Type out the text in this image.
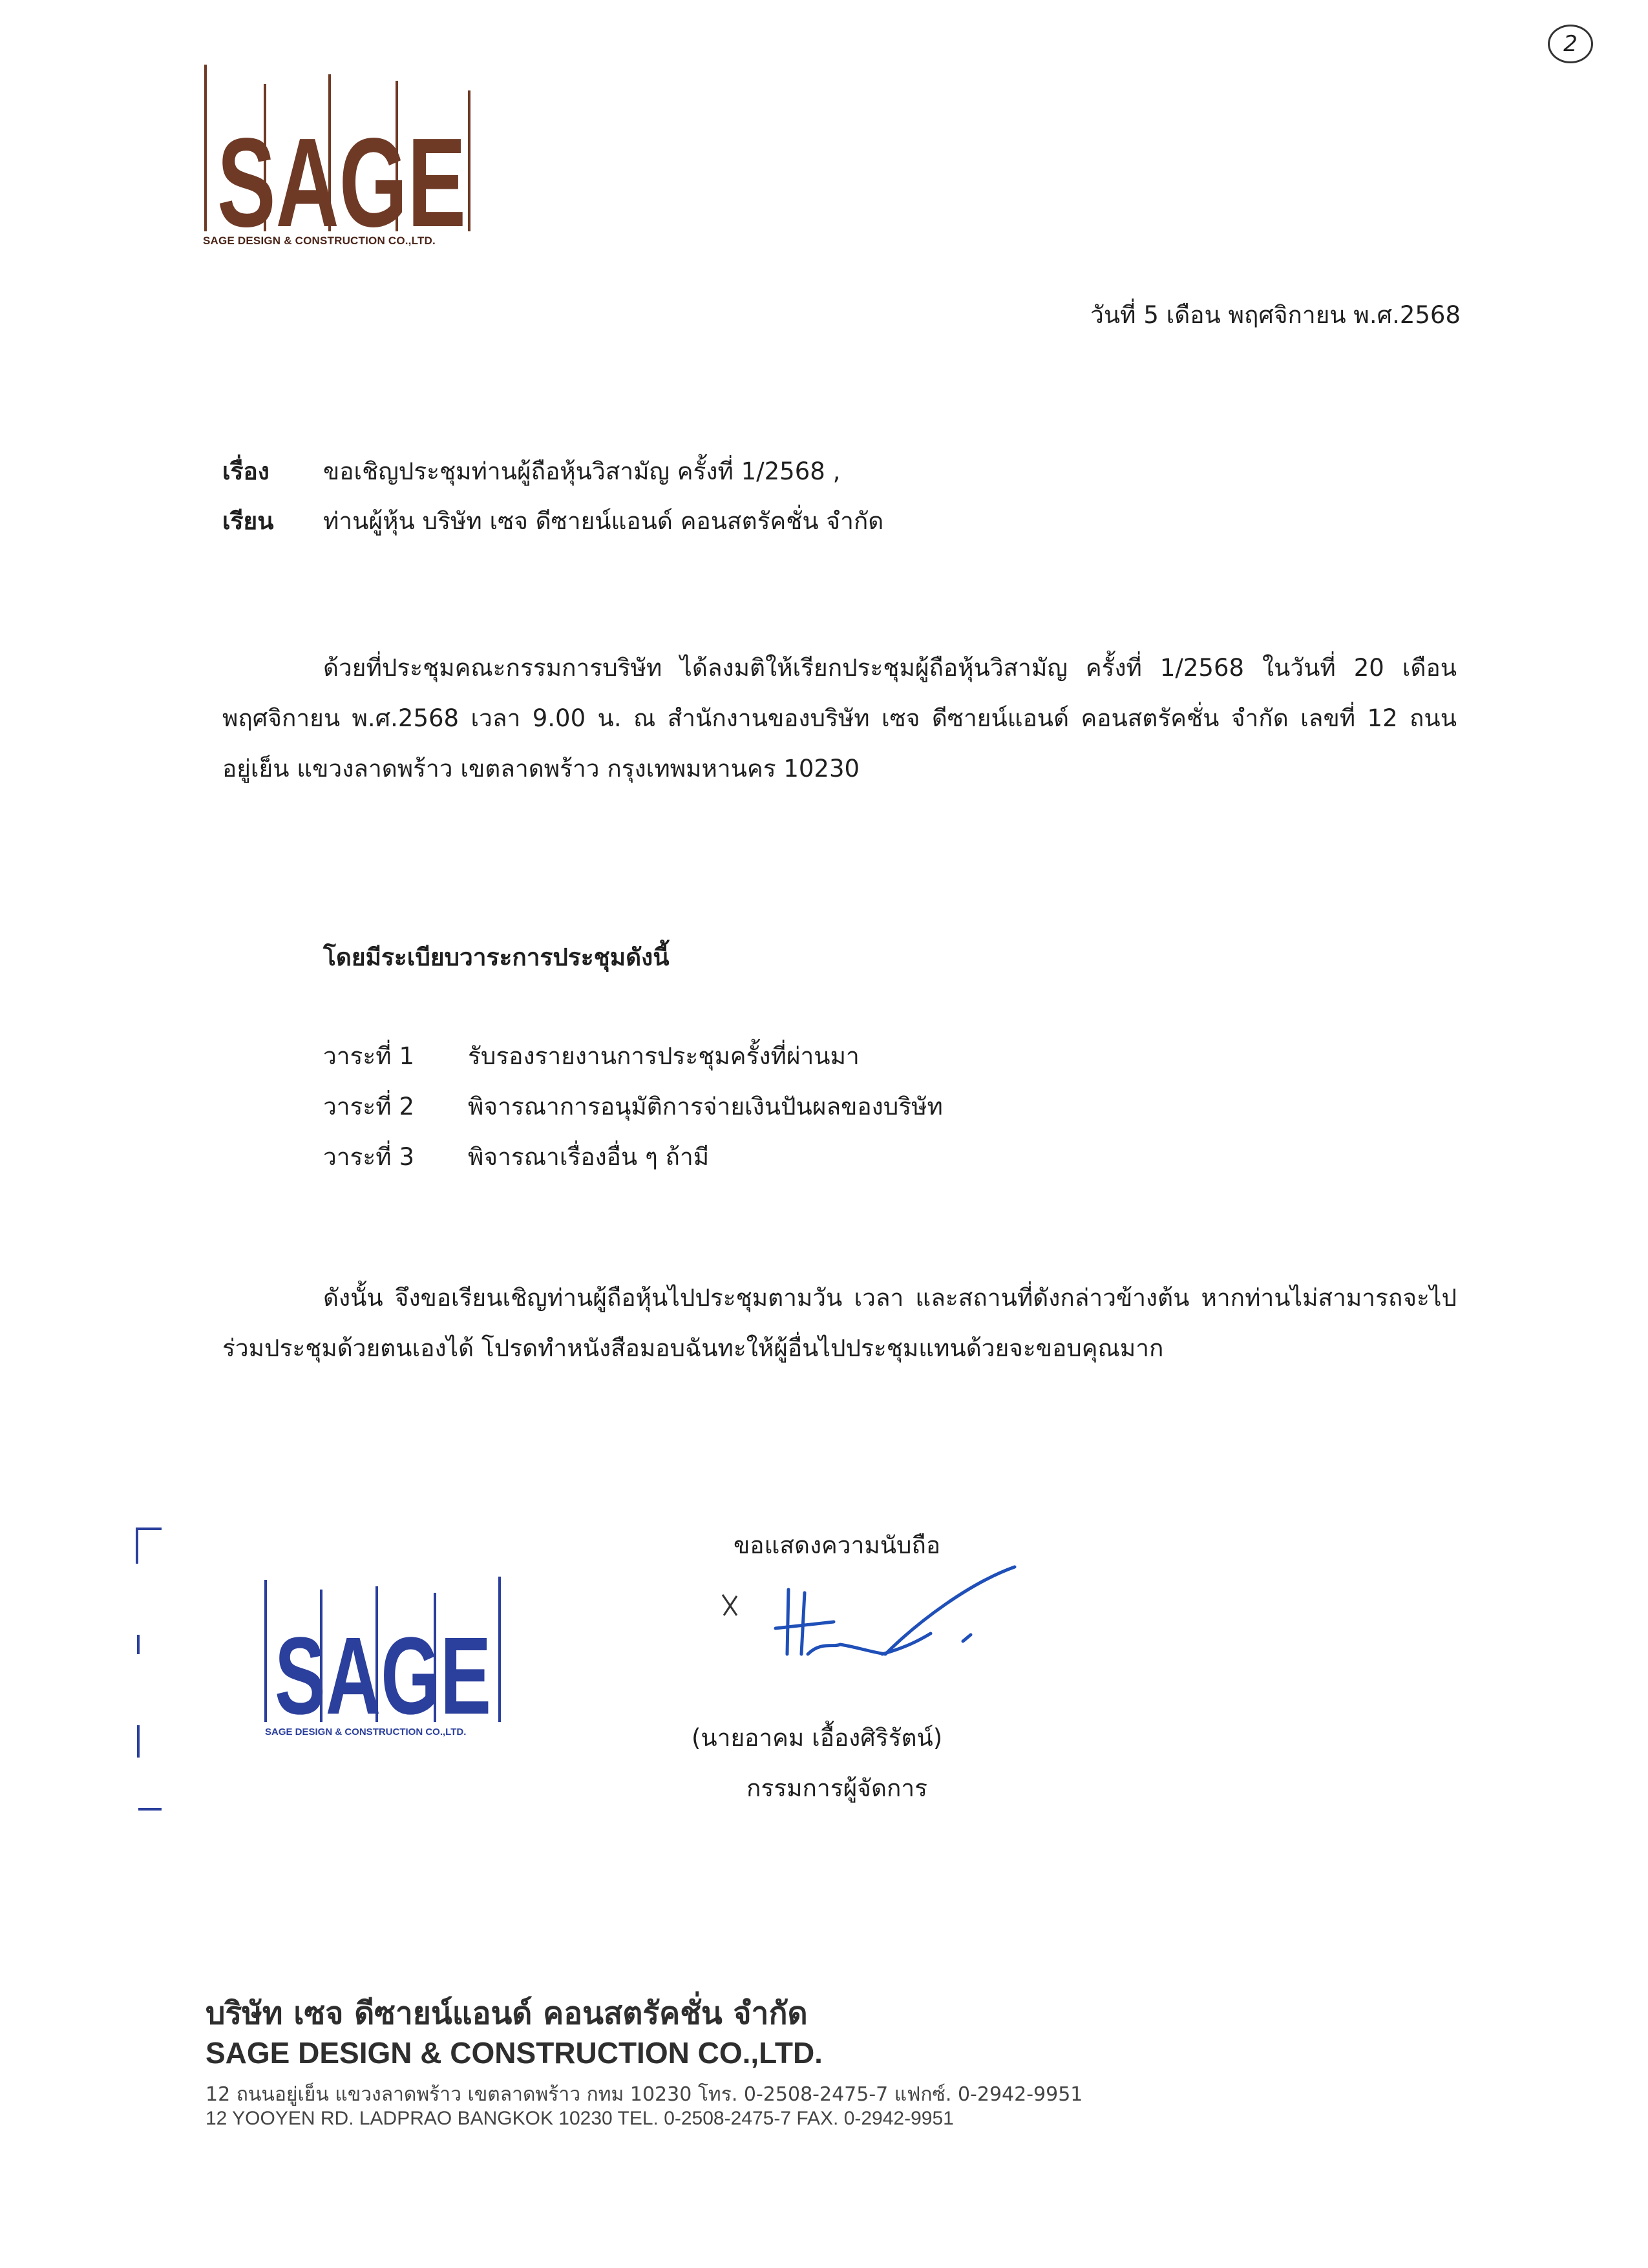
2
SAGE
SAGE DESIGN & CONSTRUCTION CO.,LTD.
วันที่ 5 เดือน พฤศจิกายน พ.ศ.2568
เรื่อง ขอเชิญประชุมท่านผู้ถือหุ้นวิสามัญ ครั้งที่ 1/2568 ,
เรียน ท่านผู้หุ้น บริษัท เซจ ดีซายน์แอนด์ คอนสตรัคชั่น จำกัด
ด้วยที่ประชุมคณะกรรมการบริษัท ได้ลงมติให้เรียกประชุมผู้ถือหุ้นวิสามัญ ครั้งที่ 1/2568 ในวันที่ 20 เดือน พฤศจิกายน พ.ศ.2568 เวลา 9.00 น. ณ สำนักงานของบริษัท เซจ ดีซายน์แอนด์ คอนสตรัคชั่น จำกัด เลขที่ 12 ถนนอยู่เย็น แขวงลาดพร้าว เขตลาดพร้าว กรุงเทพมหานคร 10230
โดยมีระเบียบวาระการประชุมดังนี้
วาระที่ 1 รับรองรายงานการประชุมครั้งที่ผ่านมา
วาระที่ 2 พิจารณาการอนุมัติการจ่ายเงินปันผลของบริษัท
วาระที่ 3 พิจารณาเรื่องอื่น ๆ ถ้ามี
ดังนั้น จึงขอเรียนเชิญท่านผู้ถือหุ้นไปประชุมตามวัน เวลา และสถานที่ดังกล่าวข้างต้น หากท่านไม่สามารถจะไปร่วมประชุมด้วยตนเองได้ โปรดทำหนังสือมอบฉันทะให้ผู้อื่นไปประชุมแทนด้วยจะขอบคุณมาก
ขอแสดงความนับถือ
SAGE
SAGE DESIGN & CONSTRUCTION CO.,LTD.	(นายอาคม เอื้องศิริรัตน์)
กรรมการผู้จัดการ
บริษัท เซจ ดีซายน์แอนด์ คอนสตรัคชั่น จำกัด
SAGE DESIGN & CONSTRUCTION CO.,LTD.
12 ถนนอยู่เย็น แขวงลาดพร้าว เขตลาดพร้าว กทม 10230 โทร. 0-2508-2475-7 แฟกซ์. 0-2942-9951
12 YOOYEN RD. LADPRAO BANGKOK 10230 TEL. 0-2508-2475-7 FAX. 0-2942-9951
